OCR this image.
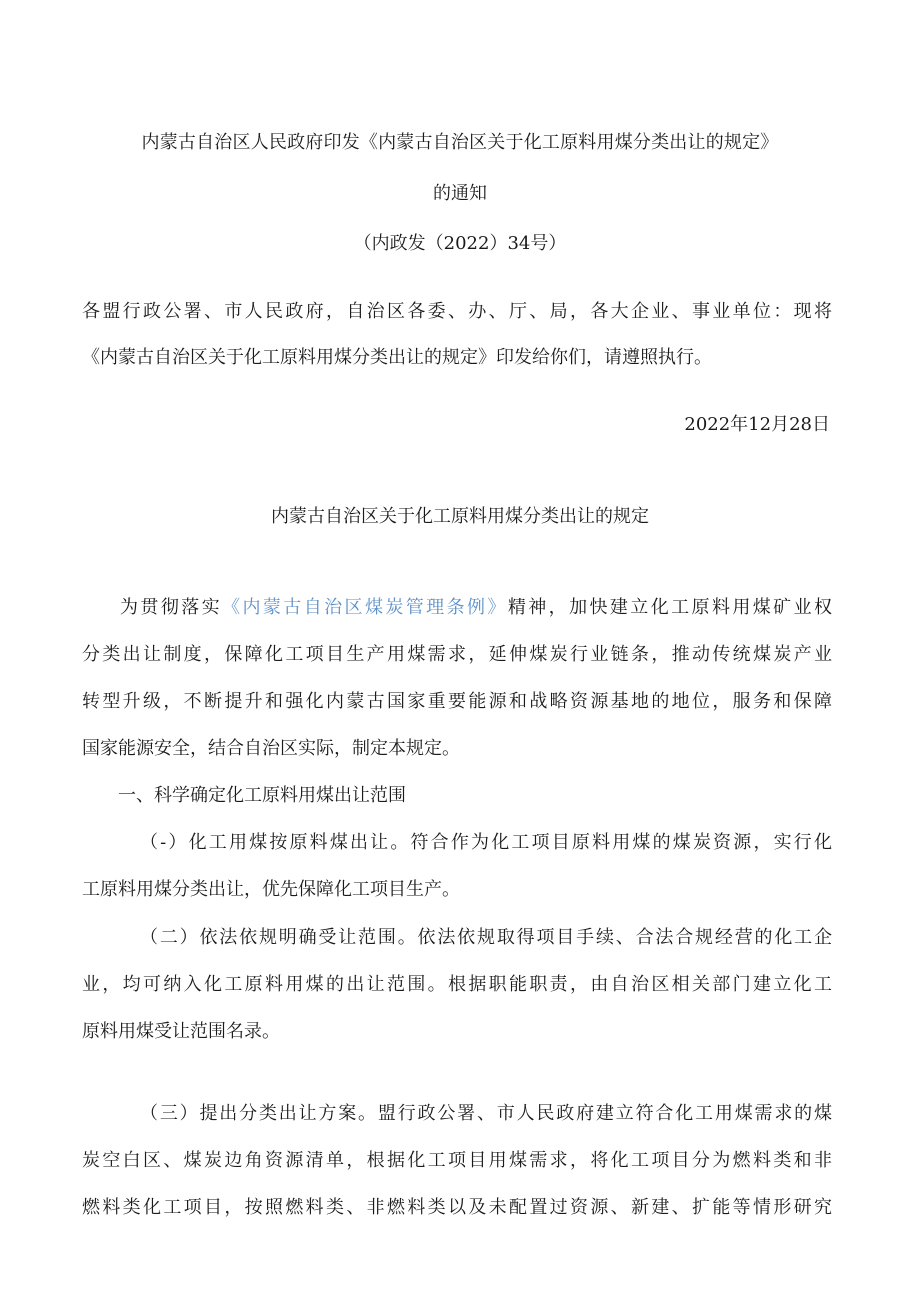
内蒙古自治区人民政府印发《内蒙古自治区关于化工原料用煤分类出让的规定》
的通知
（内政发（2022）34号）
各盟行政公署、市人民政府，自治区各委、办、厅、局，各大企业、事业单位：现将
《内蒙古自治区关于化工原料用煤分类出让的规定》印发给你们，请遵照执行。
2022年12月28日
内蒙古自治区关于化工原料用煤分类出让的规定
为贯彻落实《内蒙古自治区煤炭管理条例》精神，加快建立化工原料用煤矿业权
分类出让制度，保障化工项目生产用煤需求，延伸煤炭行业链条，推动传统煤炭产业
转型升级，不断提升和强化内蒙古国家重要能源和战略资源基地的地位，服务和保障
国家能源安全，结合自治区实际，制定本规定。
一、科学确定化工原料用煤出让范围
（-）化工用煤按原料煤出让。符合作为化工项目原料用煤的煤炭资源，实行化
工原料用煤分类出让，优先保障化工项目生产。
（二）依法依规明确受让范围。依法依规取得项目手续、合法合规经营的化工企
业，均可纳入化工原料用煤的出让范围。根据职能职责，由自治区相关部门建立化工
原料用煤受让范围名录。
（三）提出分类出让方案。盟行政公署、市人民政府建立符合化工用煤需求的煤
炭空白区、煤炭边角资源清单，根据化工项目用煤需求，将化工项目分为燃料类和非
燃料类化工项目，按照燃料类、非燃料类以及未配置过资源、新建、扩能等情形研究
